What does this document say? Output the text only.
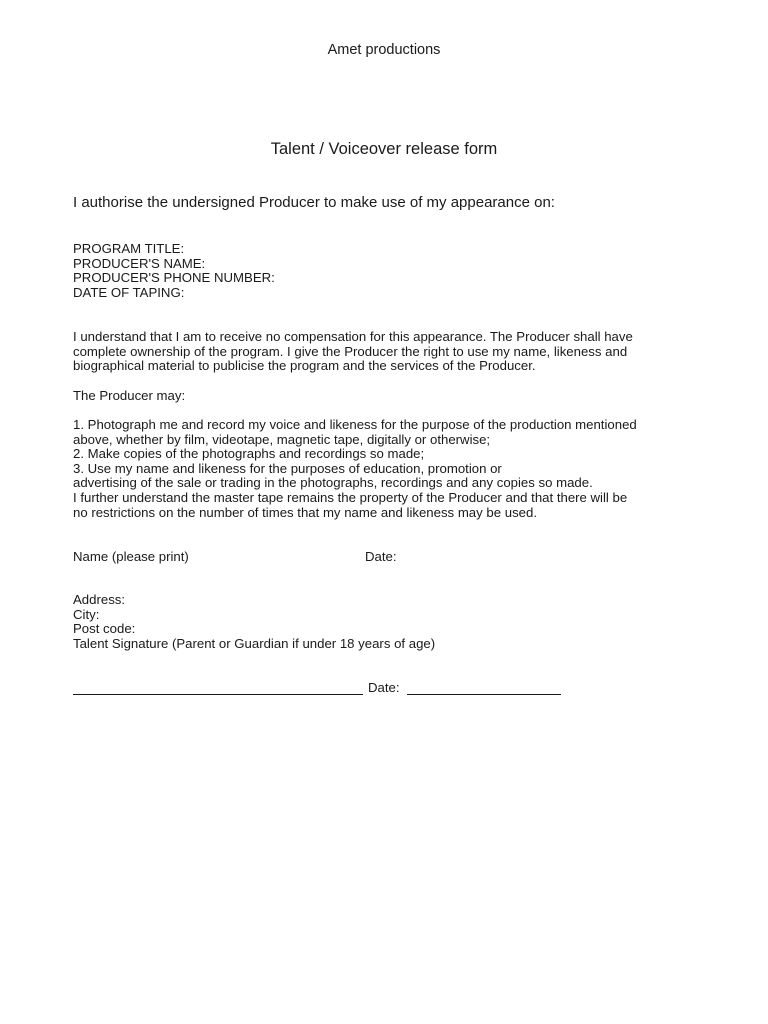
Amet productions
Talent / Voiceover release form
I authorise the undersigned Producer to make use of my appearance on:
PROGRAM TITLE:
PRODUCER'S NAME:
PRODUCER'S PHONE NUMBER:
DATE OF TAPING:
I understand that I am to receive no compensation for this appearance. The Producer shall have
complete ownership of the program. I give the Producer the right to use my name, likeness and
biographical material to publicise the program and the services of the Producer.
The Producer may:
1. Photograph me and record my voice and likeness for the purpose of the production mentioned
above, whether by film, videotape, magnetic tape, digitally or otherwise;
2. Make copies of the photographs and recordings so made;
3. Use my name and likeness for the purposes of education, promotion or
advertising of the sale or trading in the photographs, recordings and any copies so made.
I further understand the master tape remains the property of the Producer and that there will be
no restrictions on the number of times that my name and likeness may be used.
Name (please print)	Date:
Address:
City:
Post code:
Talent Signature (Parent or Guardian if under 18 years of age)
Date:
